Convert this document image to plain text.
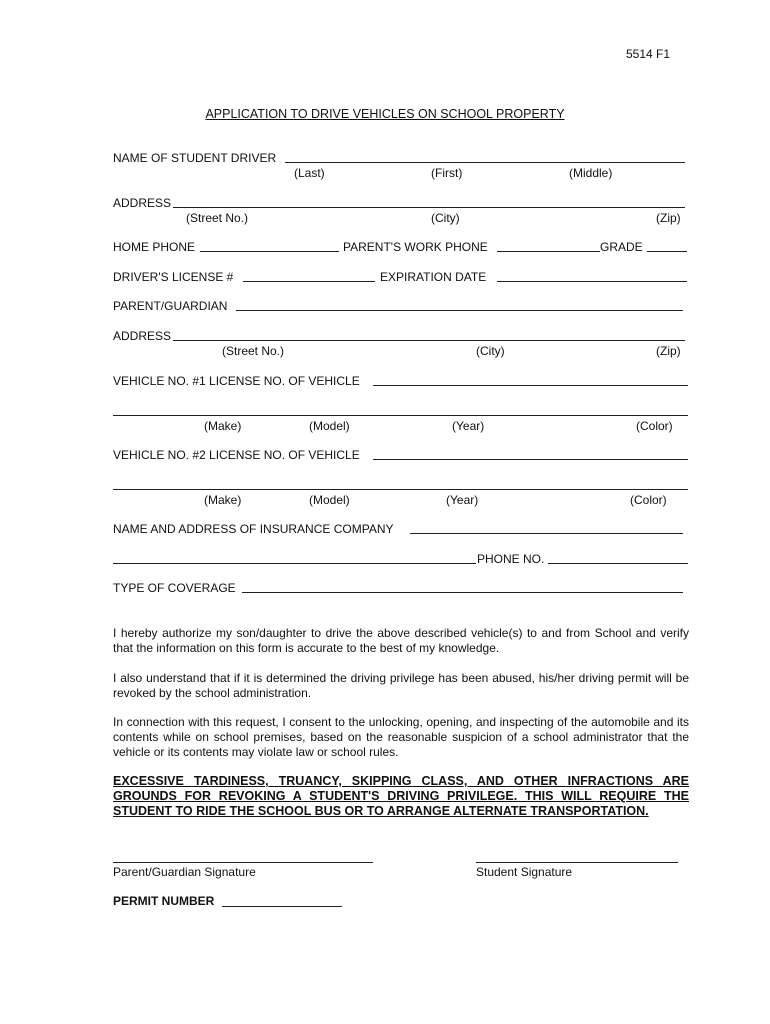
5514 F1
APPLICATION TO DRIVE VEHICLES ON SCHOOL PROPERTY
NAME OF STUDENT DRIVER
(Last)	(First)	(Middle)
ADDRESS
(Street No.)	(City)	(Zip)
HOME PHONE	PARENT'S WORK PHONE	GRADE
DRIVER'S LICENSE #	EXPIRATION DATE
PARENT/GUARDIAN
ADDRESS
(Street No.)	(City)	(Zip)
VEHICLE NO. #1 LICENSE NO. OF VEHICLE
(Make)	(Model)	(Year)	(Color)
VEHICLE NO. #2 LICENSE NO. OF VEHICLE
(Make)	(Model)	(Year)	(Color)
NAME AND ADDRESS OF INSURANCE COMPANY
PHONE NO.
TYPE OF COVERAGE
I hereby authorize my son/daughter to drive the above described vehicle(s) to and from School and verify that the information on this form is accurate to the best of my knowledge.
I also understand that if it is determined the driving privilege has been abused, his/her driving permit will be revoked by the school administration.
In connection with this request, I consent to the unlocking, opening, and inspecting of the automobile and its contents while on school premises, based on the reasonable suspicion of a school administrator that the vehicle or its contents may violate law or school rules.
EXCESSIVE TARDINESS, TRUANCY, SKIPPING CLASS, AND OTHER INFRACTIONS ARE GROUNDS FOR REVOKING A STUDENT'S DRIVING PRIVILEGE. THIS WILL REQUIRE THE STUDENT TO RIDE THE SCHOOL BUS OR TO ARRANGE ALTERNATE TRANSPORTATION.
Parent/Guardian Signature	Student Signature
PERMIT NUMBER
